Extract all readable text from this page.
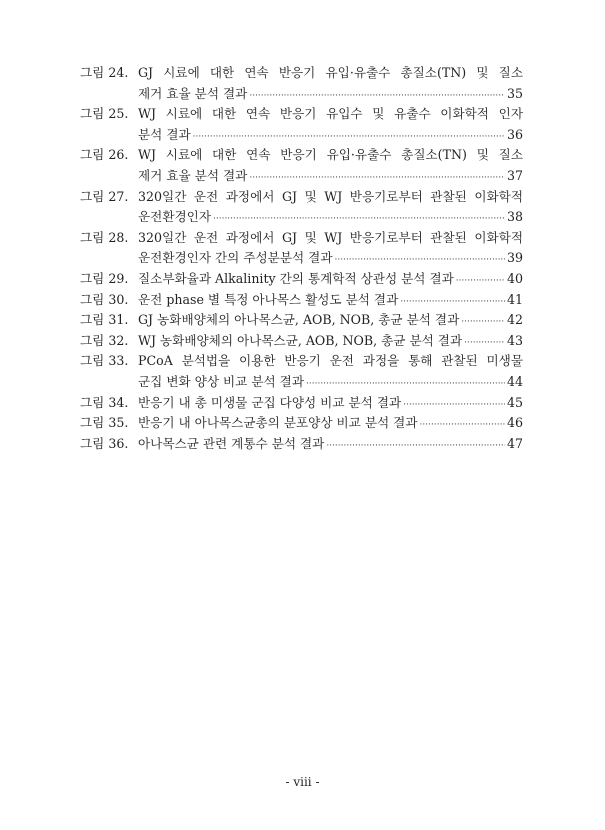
그림 24. GJ 시료에 대한 연속 반응기 유입·유출수 총질소(TN) 및 질소
제거 효율 분석 결과 ·····	35
그림 25. WJ 시료에 대한 연속 반응기 유입수 및 유출수 이화학적 인자
분석 결과 ·····	36
그림 26. WJ 시료에 대한 연속 반응기 유입·유출수 총질소(TN) 및 질소
제거 효율 분석 결과 ·····	37
그림 27. 320일간 운전 과정에서 GJ 및 WJ 반응기로부터 관찰된 이화학적
운전환경인자 ·····	38
그림 28. 320일간 운전 과정에서 GJ 및 WJ 반응기로부터 관찰된 이화학적
운전환경인자 간의 주성분분석 결과 ·····	39
그림 29. 질소부화율과 Alkalinity 간의 통계학적 상관성 분석 결과 ·····	40
그림 30. 운전 phase 별 특정 아나목스 활성도 분석 결과 ·····	41
그림 31. GJ 농화배양체의 아나목스균, AOB, NOB, 총균 분석 결과 ·····	42
그림 32. WJ 농화배양체의 아나목스균, AOB, NOB, 총균 분석 결과 ·····	43
그림 33. PCoA 분석법을 이용한 반응기 운전 과정을 통해 관찰된 미생물
군집 변화 양상 비교 분석 결과 ·····	44
그림 34. 반응기 내 총 미생물 군집 다양성 비교 분석 결과 ·····	45
그림 35. 반응기 내 아나목스균총의 분포양상 비교 분석 결과 ·····	46
그림 36. 아나목스균 관련 계통수 분석 결과 ·····	47
- viii -
